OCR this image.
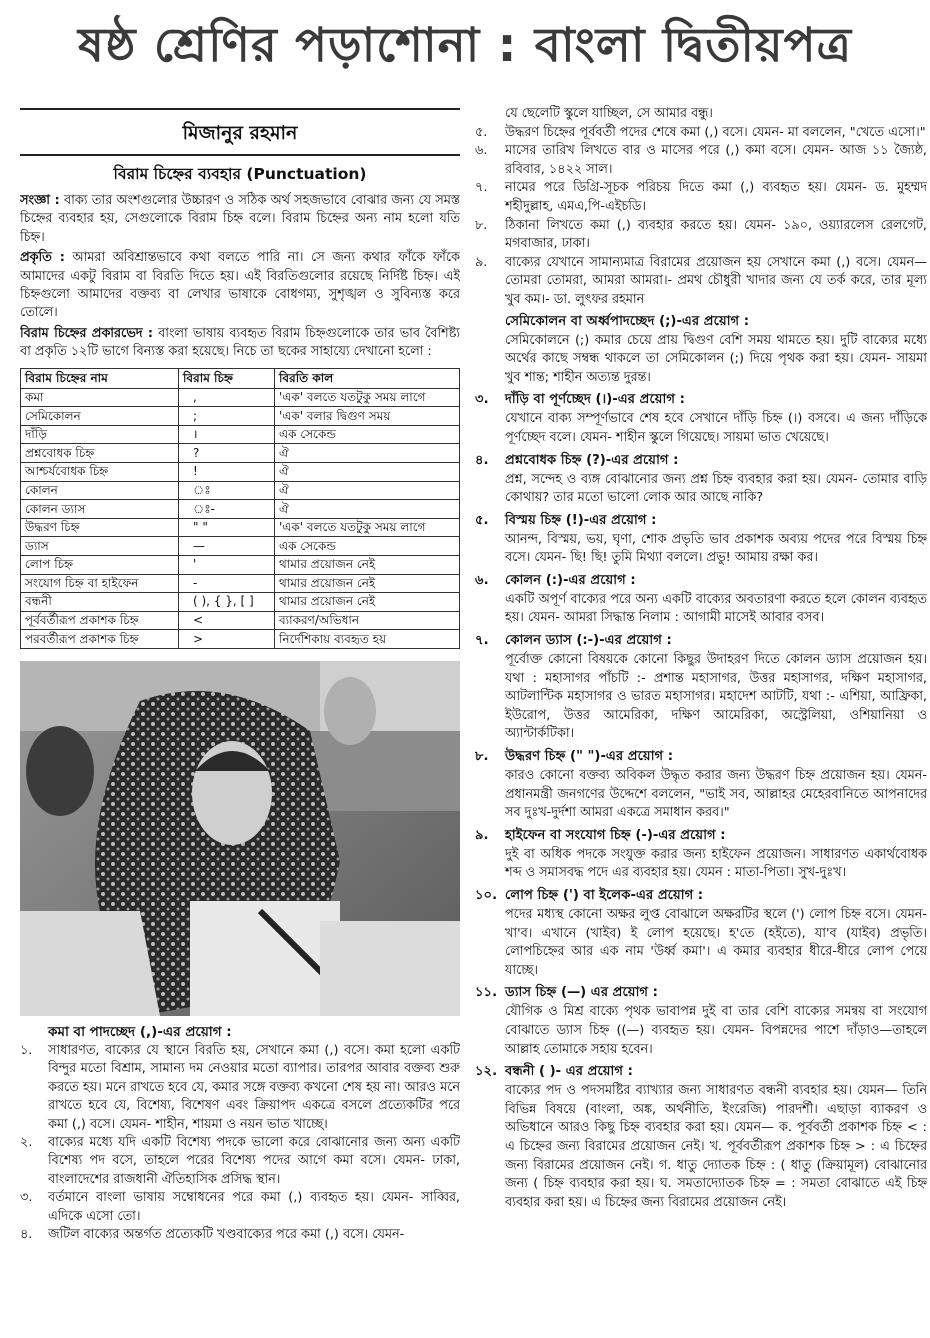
ষষ্ঠ শ্রেণির পড়াশোনা : বাংলা দ্বিতীয়পত্র
মিজানুর রহমান
বিরাম চিহ্নের ব্যবহার (Punctuation)

সংজ্ঞা : বাক্য তার অংশগুলোর উচ্চারণ ও সঠিক অর্থ সহজভাবে বোঝার জন্য যে সমস্ত চিহ্নের ব্যবহার হয়, সেগুলোকে বিরাম চিহ্ন বলে। বিরাম চিহ্নের অন্য নাম হলো যতি চিহ্ন।

প্রকৃতি : আমরা অবিশ্রান্তভাবে কথা বলতে পারি না। সে জন্য কথার ফাঁকে ফাঁকে আমাদের একটু বিরাম বা বিরতি দিতে হয়। এই বিরতিগুলোর রয়েছে নির্দিষ্ট চিহ্ন। এই চিহ্নগুলো আমাদের বক্তব্য বা লেখার ভাষাকে বোধগম্য, সুশৃঙ্খল ও সুবিন্যস্ত করে তোলে।

বিরাম চিহ্নের প্রকারভেদ : বাংলা ভাষায় ব্যবহৃত বিরাম চিহ্নগুলোকে তার ভাব বৈশিষ্ট্য বা প্রকৃতি ১২টি ভাগে বিন্যস্ত করা হয়েছে। নিচে তা ছকের সাহায্যে দেখানো হলো :

বিরাম চিহ্নের নাম	বিরাম চিহ্ন	বিরতি কাল
কমা	,	'এক' বলতে যতটুকু সময় লাগে
সেমিকোলন	;	'এক' বলার দ্বিগুণ সময়
দাঁড়ি	।	এক সেকেন্ড
প্রশ্নবোধক চিহ্ন	?	ঐ
আশ্চর্যবোধক চিহ্ন	!	ঐ
কোলন	ঃ	ঐ
কোলন ড্যাস	ঃ-	ঐ
উদ্ধরণ চিহ্ন	" "	'এক' বলতে যতটুকু সময় লাগে
ড্যাস	—	এক সেকেন্ড
লোপ চিহ্ন	'	থামার প্রয়োজন নেই
সংযোগ চিহ্ন বা হাইফেন	-	থামার প্রয়োজন নেই
বন্ধনী	( ), { }, [ ]	থামার প্রয়োজন নেই
পূর্ববর্তীরূপ প্রকাশক চিহ্ন	<	ব্যাকরণ/অভিধান
পরবর্তীরূপ প্রকাশক চিহ্ন	>	নির্দেশিকায় ব্যবহৃত হয়
কমা বা পাদচ্ছেদ (,)-এর প্রয়োগ :
১.	সাধারণত, বাক্যের যে স্থানে বিরতি হয়, সেখানে কমা (,) বসে। কমা হলো একটি বিন্দুর মতো বিশ্রাম, সামান্য দম নেওয়ার মতো ব্যাপার। তারপর আবার বক্তব্য শুরু করতে হয়। মনে রাখতে হবে যে, কমার সঙ্গে বক্তব্য কখনো শেষ হয় না। আরও মনে রাখতে হবে যে, বিশেষ্য, বিশেষণ এবং ক্রিয়াপদ একত্রে বসলে প্রত্যেকটির পরে কমা (,) বসে। যেমন- শাহীন, শায়মা ও নয়ন ভাত খাচ্ছে।
২.	বাক্যের মধ্যে যদি একটি বিশেষ্য পদকে ভালো করে বোঝানোর জন্য অন্য একটি বিশেষ্য পদ বসে, তাহলে পরের বিশেষ্য পদের আগে কমা বসে। যেমন- ঢাকা, বাংলাদেশের রাজধানী ঐতিহাসিক প্রসিদ্ধ স্থান।
৩.	বর্তমানে বাংলা ভাষায় সম্বোধনের পরে কমা (,) ব্যবহৃত হয়। যেমন- সাব্বির, এদিকে এসো তো।
৪.	জটিল বাক্যের অন্তর্গত প্রত্যেকটি খণ্ডবাক্যের পরে কমা (,) বসে। যেমন-
যে ছেলেটি স্কুলে যাচ্ছিল, সে আমার বন্ধু।
৫.	উদ্ধরণ চিহ্নের পূর্ববর্তী পদের শেষে কমা (,) বসে। যেমন- মা বললেন, "খেতে এসো।"
৬.	মাসের তারিখ লিখতে বার ও মাসের পরে (,) কমা বসে। যেমন- আজ ১১ জ্যৈষ্ঠ, রবিবার, ১৪২২ সাল।
৭.	নামের পরে ডিগ্রি-সূচক পরিচয় দিতে কমা (,) ব্যবহৃত হয়। যেমন- ড. মুহম্মদ শহীদুল্লাহ, এমএ,পি-এইচডি।
৮.	ঠিকানা লিখতে কমা (,) ব্যবহার করতে হয়। যেমন- ১৯০, ওয়্যারলেস রেলগেট, মগবাজার, ঢাকা।
৯.	বাক্যের যেখানে সামান্যমাত্র বিরামের প্রয়োজন হয় সেখানে কমা (,) বসে। যেমন— তোমরা তোমরা, আমরা আমরা।- প্রমথ চৌধুরী খাদার জন্য যে তর্ক করে, তার মূল্য খুব কম।- ডা. লুৎফর রহমান
সেমিকোলন বা অর্ধ্বপাদচ্ছেদ (;)-এর প্রয়োগ :
সেমিকোলনে (;) কমার চেয়ে প্রায় দ্বিগুণ বেশি সময় থামতে হয়। দুটি বাক্যের মধ্যে অর্থের কাছে সম্বন্ধ থাকলে তা সেমিকোলন (;) দিয়ে পৃথক করা হয়। যেমন- সায়মা খুব শান্ত; শাহীন অত্যন্ত দুরন্ত।
৩.	দাঁড়ি বা পূর্ণচ্ছেদ (।)-এর প্রয়োগ :
যেখানে বাক্য সম্পূর্ণভাবে শেষ হবে সেখানে দাঁড়ি চিহ্ন (।) বসবে। এ জন্য দাঁড়িকে পূর্ণচ্ছেদ বলে। যেমন- শাহীন স্কুলে গিয়েছে। সায়মা ভাত খেয়েছে।
৪.	প্রশ্নবোধক চিহ্ন (?)-এর প্রয়োগ :
প্রশ্ন, সন্দেহ ও ব্যঙ্গ বোঝানোর জন্য প্রশ্ন চিহ্ন ব্যবহার করা হয়। যেমন- তোমার বাড়ি কোথায়? তার মতো ভালো লোক আর আছে নাকি?
৫.	বিস্ময় চিহ্ন (!)-এর প্রয়োগ :
আনন্দ, বিস্ময়, ভয়, ঘৃণা, শোক প্রভৃতি ভাব প্রকাশক অব্যয় পদের পরে বিস্ময় চিহ্ন বসে। যেমন- ছি! ছি! তুমি মিথ্যা বললে। প্রভু! আমায় রক্ষা কর।
৬.	কোলন (:)-এর প্রয়োগ :
একটি অপূর্ণ বাক্যের পরে অন্য একটি বাক্যের অবতারণা করতে হলে কোলন ব্যবহৃত হয়। যেমন- আমরা সিদ্ধান্ত নিলাম : আগামী মাসেই আবার বসব।
৭.	কোলন ড্যাস (:-)-এর প্রয়োগ :
পূর্বোক্ত কোনো বিষয়কে কোনো কিছুর উদাহরণ দিতে কোলন ড্যাস প্রয়োজন হয়। যথা : মহাসাগর পাঁচটি :- প্রশান্ত মহাসাগর, উত্তর মহাসাগর, দক্ষিণ মহাসাগর, আটলান্টিক মহাসাগর ও ভারত মহাসাগর। মহাদেশ আটটি, যথা :- এশিয়া, আফ্রিকা, ইউরোপ, উত্তর আমেরিকা, দক্ষিণ আমেরিকা, অস্ট্রেলিয়া, ওশিয়ানিয়া ও অ্যান্টার্কটিকা।
৮.	উদ্ধরণ চিহ্ন (" ")-এর প্রয়োগ :
কারও কোনো বক্তব্য অবিকল উদ্ধৃত করার জন্য উদ্ধরণ চিহ্ন প্রয়োজন হয়। যেমন- প্রধানমন্ত্রী জনগণের উদ্দেশে বললেন, "ভাই সব, আল্লাহর মেহেরবানিতে আপনাদের সব দুঃখ-দুর্দশা আমরা একত্রে সমাধান করব।"
৯.	হাইফেন বা সংযোগ চিহ্ন (-)-এর প্রয়োগ :
দুই বা অধিক পদকে সংযুক্ত করার জন্য হাইফেন প্রয়োজন। সাধারণত একার্থবোধক শব্দ ও সমাসবদ্ধ পদে এর ব্যবহার হয়। যেমন : মাতা-পিতা। সুখ-দুঃখ।
১০. লোপ চিহ্ন (') বা ইলেক-এর প্রয়োগ :
পদের মধ্যস্থ কোনো অক্ষর লুপ্ত বোঝালে অক্ষরটির স্থলে (') লোপ চিহ্ন বসে। যেমন- খা'ব। এখানে (খাইব) ই লোপ হয়েছে। হ'তে (হইতে), যা'ব (যাইব) প্রভৃতি। লোপচিহ্নের আর এক নাম 'উর্ধ্ব কমা'। এ কমার ব্যবহার ধীরে-ধীরে লোপ পেয়ে যাচ্ছে।
১১. ড্যাস চিহ্ন (—) এর প্রয়োগ :
যৌগিক ও মিশ্র বাক্যে পৃথক ভাবাপন্ন দুই বা তার বেশি বাক্যের সমন্বয় বা সংযোগ বোঝাতে ড্যাস চিহ্ন ((—) ব্যবহৃত হয়। যেমন- বিপন্নদের পাশে দাঁড়াও—তাহলে আল্লাহ তোমাকে সহায় হবেন।
১২. বন্ধনী ( )- এর প্রয়োগ :
বাক্যের পদ ও পদসমষ্টির ব্যাখ্যার জন্য সাধারণত বন্ধনী ব্যবহার হয়। যেমন— তিনি বিভিন্ন বিষয়ে (বাংলা, অঙ্ক, অর্থনীতি, ইংরেজি) পারদর্শী। এছাড়া ব্যাকরণ ও অভিধানে আরও কিছু চিহ্ন ব্যবহার করা হয়। যেমন— ক. পূর্ববর্তী প্রকাশক চিহ্ন < : এ চিহ্নের জন্য বিরামের প্রয়োজন নেই। খ. পূর্ববর্তীরূপ প্রকাশক চিহ্ন > : এ চিহ্নের জন্য বিরামের প্রয়োজন নেই। গ. ধাতু দ্যোতক চিহ্ন : ( ধাতু (ক্রিয়ামূল) বোঝানোর জন্য ( চিহ্ন ব্যবহার করা হয়। ঘ. সমতাদ্যোতক চিহ্ন = : সমতা বোঝাতে এই চিহ্ন ব্যবহার করা হয়। এ চিহ্নের জন্য বিরামের প্রয়োজন নেই।
